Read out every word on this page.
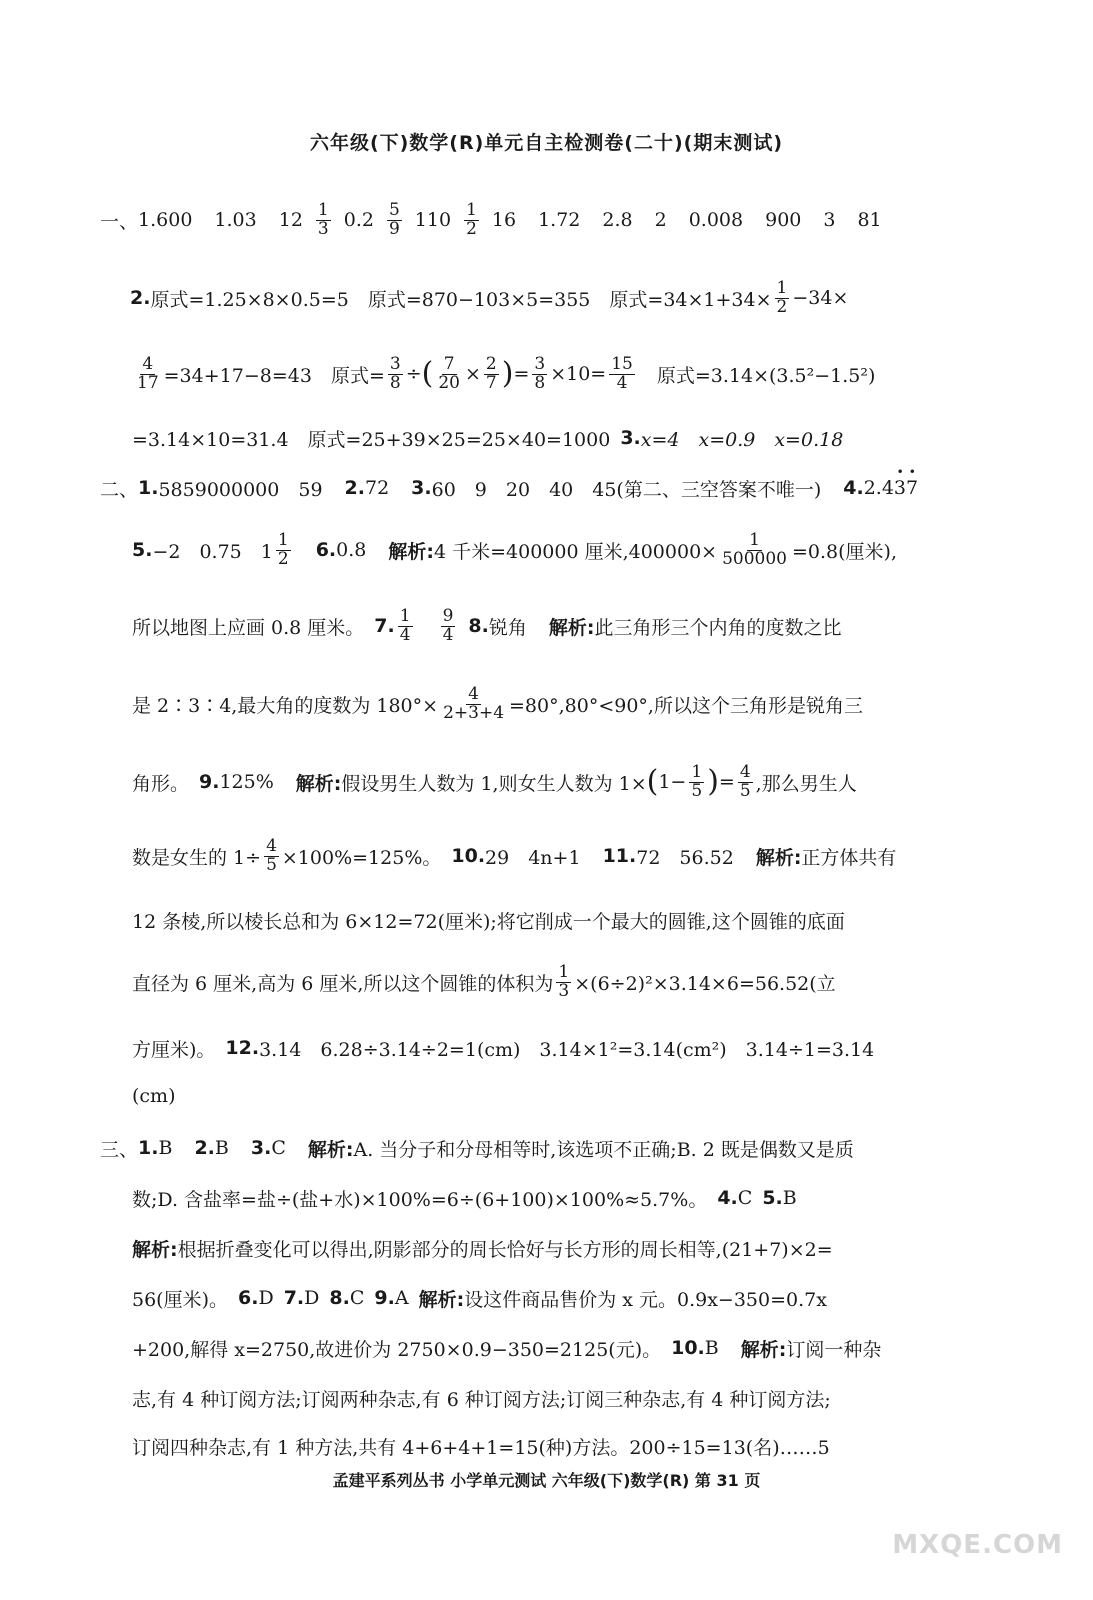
六年级(下)数学(R)单元自主检测卷(二十)(期末测试)
一、 1. 600 1.03 $12 \frac{1}{3} 0.2 \frac{5}{9} 110 \frac{1}{2} 16$ 1.72 2.8 2 0.008 900 3 81
2. 原式=1.25×8×0.5=5　原式=870−103×5=355　原式$=34\times 1+34\times \frac{1}{2} -34\times$
$\frac{4}{17} =34+17-8=43$　原式= $\frac{3}{8}$ ÷ ( $\frac{7}{20} \times \frac{2}{7}$ ) = $\frac{3}{8} \times 10= \frac{15}{4}$ 　原式=3.14×(3.5²−1.5²)
=3.14×10=31.4　原式=25+39×25=25×40=1000 3. x=4　x=0.9　x=0.18
二、 1. 5859000000　59 2. 72 3. 60　9　20　40　45(第二、三空答案不唯一) 4. 2.4 · 3 · 7
5. −2　0.75　$1 \frac{1}{2} 6$. 0.8 解析: 4 千米=400000 厘米$,400000\times \frac{1}{500000} =0.8$(厘米),
所以地图上应画 0.8 厘米。 7. $\frac{1}{4} \frac{9}{4} 8$. 锐角 解析: 此三角形三个内角的度数之比
是 2∶3∶4,最大角的度数为 $180^\circ\times \frac{4}{2+3+4} =80^\circ,80^\circ<90^\circ$,所以这个三角形是锐角三
角形。 9. 125% 解析: 假设男生人数为 1,则女生人数为 1× ( $1- \frac{1}{5}$ ) = $\frac{4}{5}$ ,那么男生人
数是女生的 $1\div \frac{4}{5} \times 100\%=125\%$。 10. 29　4n+1 11. 72　56.52 解析: 正方体共有
12 条棱,所以棱长总和为 6×12=72(厘米);将它削成一个最大的圆锥,这个圆锥的底面
直径为 6 厘米,高为 6 厘米,所以这个圆锥的体积为 $\frac{1}{3} \times(6\div 2)^2\times 3.14\times 6=56.52$(立
方厘米)。 12. 3.14　6.28÷3.14÷2=1(cm)　3.14×1²=3.14(cm²)　3.14÷1=3.14
(cm)
三、 1. B 2. B 3. C 解析: A. 当分子和分母相等时,该选项不正确;B. 2 既是偶数又是质
数;D. 含盐率=盐÷(盐+水)×100%=6÷(6+100)×100%≈5.7%。 4. C 5. B
解析: 根据折叠变化可以得出,阴影部分的周长恰好与长方形的周长相等,(21+7)×2=
56(厘米)。 6. D 7. D 8. C 9. A 解析: 设这件商品售价为 x 元。0.9x−350=0.7x
+200,解得 x=2750,故进价为 2750×0.9−350=2125(元)。 10. B 解析: 订阅一种杂
志,有 4 种订阅方法;订阅两种杂志,有 6 种订阅方法;订阅三种杂志,有 4 种订阅方法;
订阅四种杂志,有 1 种方法,共有 4+6+4+1=15(种)方法。200÷15=13(名)……5
孟建平系列丛书 小学单元测试 六年级(下)数学(R) 第 31 页
MXQE.COM
